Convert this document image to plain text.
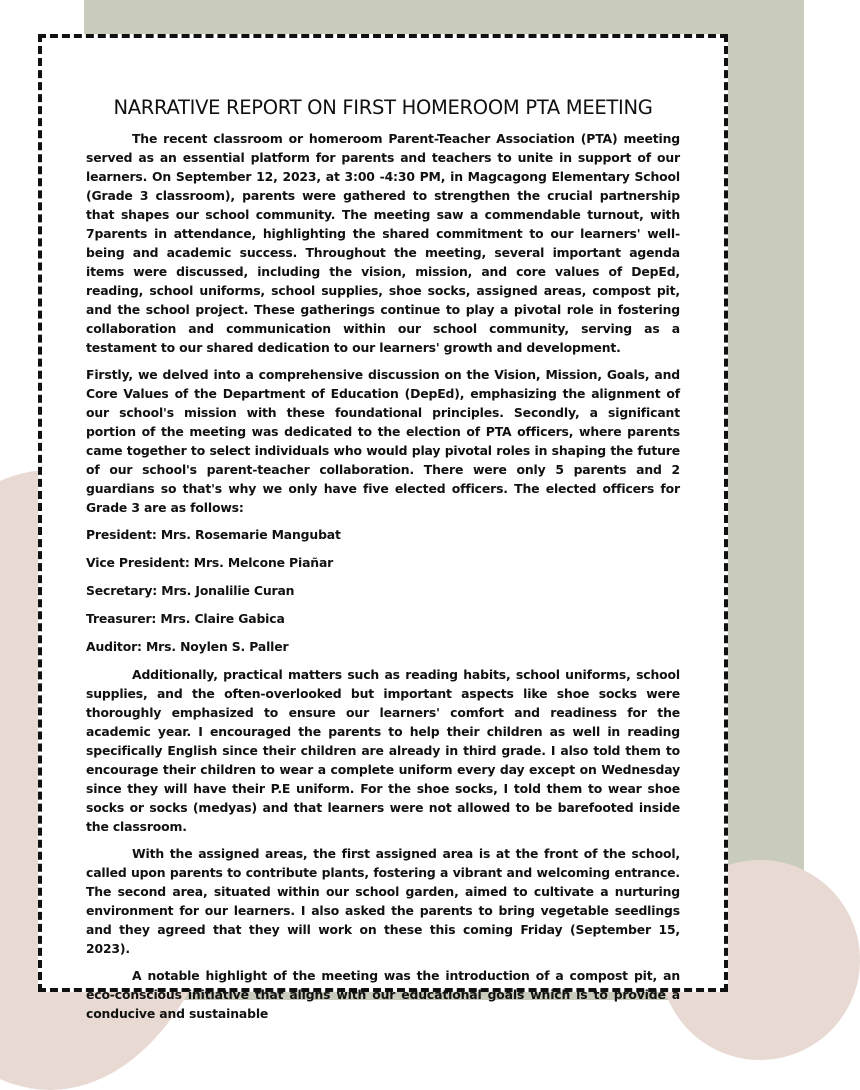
NARRATIVE REPORT ON FIRST HOMEROOM PTA MEETING

The recent classroom or homeroom Parent-Teacher Association (PTA) meeting served as an essential platform for parents and teachers to unite in support of our learners. On September 12, 2023, at 3:00 -4:30 PM, in Magcagong Elementary School (Grade 3 classroom), parents were gathered to strengthen the crucial partnership that shapes our school community. The meeting saw a commendable turnout, with 7parents in attendance, highlighting the shared commitment to our learners' well-being and academic success. Throughout the meeting, several important agenda items were discussed, including the vision, mission, and core values of DepEd, reading, school uniforms, school supplies, shoe socks, assigned areas, compost pit, and the school project. These gatherings continue to play a pivotal role in fostering collaboration and communication within our school community, serving as a testament to our shared dedication to our learners' growth and development.

Firstly, we delved into a comprehensive discussion on the Vision, Mission, Goals, and Core Values of the Department of Education (DepEd), emphasizing the alignment of our school's mission with these foundational principles. Secondly, a significant portion of the meeting was dedicated to the election of PTA officers, where parents came together to select individuals who would play pivotal roles in shaping the future of our school's parent-teacher collaboration. There were only 5 parents and 2 guardians so that's why we only have five elected officers. The elected officers for Grade 3 are as follows:

President: Mrs. Rosemarie Mangubat

Vice President: Mrs. Melcone Piañar

Secretary: Mrs. Jonalilie Curan

Treasurer: Mrs. Claire Gabica

Auditor: Mrs. Noylen S. Paller

Additionally, practical matters such as reading habits, school uniforms, school supplies, and the often-overlooked but important aspects like shoe socks were thoroughly emphasized to ensure our learners' comfort and readiness for the academic year. I encouraged the parents to help their children as well in reading specifically English since their children are already in third grade. I also told them to encourage their children to wear a complete uniform every day except on Wednesday since they will have their P.E uniform. For the shoe socks, I told them to wear shoe socks or socks (medyas) and that learners were not allowed to be barefooted inside the classroom.

With the assigned areas, the first assigned area is at the front of the school, called upon parents to contribute plants, fostering a vibrant and welcoming entrance. The second area, situated within our school garden, aimed to cultivate a nurturing environment for our learners. I also asked the parents to bring vegetable seedlings and they agreed that they will work on these this coming Friday (September 15, 2023).

A notable highlight of the meeting was the introduction of a compost pit, an eco-conscious initiative that aligns with our educational goals which is to provide a conducive and sustainable
